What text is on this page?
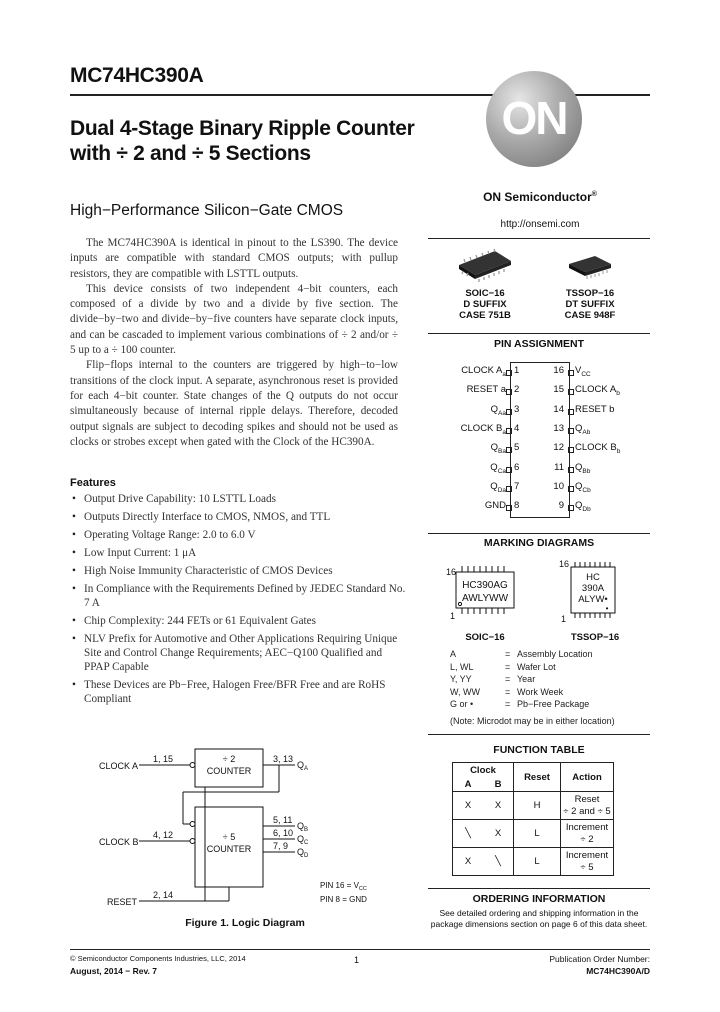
MC74HC390A
Dual 4-Stage Binary Ripple Counter with ÷ 2 and ÷ 5 Sections
High−Performance Silicon−Gate CMOS

The MC74HC390A is identical in pinout to the LS390. The device inputs are compatible with standard CMOS outputs; with pullup resistors, they are compatible with LSTTL outputs.

This device consists of two independent 4−bit counters, each composed of a divide by two and a divide by five section. The divide−by−two and divide−by−five counters have separate clock inputs, and can be cascaded to implement various combinations of ÷ 2 and/or ÷ 5 up to a ÷ 100 counter.

Flip−flops internal to the counters are triggered by high−to−low transitions of the clock input. A separate, asynchronous reset is provided for each 4−bit counter. State changes of the Q outputs do not occur simultaneously because of internal ripple delays. Therefore, decoded output signals are subject to decoding spikes and should not be used as clocks or strobes except when gated with the Clock of the HC390A.

Features
• Output Drive Capability: 10 LSTTL Loads
• Outputs Directly Interface to CMOS, NMOS, and TTL
• Operating Voltage Range: 2.0 to 6.0 V
• Low Input Current: 1 μA
• High Noise Immunity Characteristic of CMOS Devices
• In Compliance with the Requirements Defined by JEDEC Standard No. 7 A
• Chip Complexity: 244 FETs or 61 Equivalent Gates
• NLV Prefix for Automotive and Other Applications Requiring Unique Site and Control Change Requirements; AEC−Q100 Qualified and PPAP Capable
• These Devices are Pb−Free, Halogen Free/BFR Free and are RoHS Compliant
÷ 2
COUNTER
÷ 5
COUNTER
CLOCK A
1, 15
CLOCK B
4, 12
RESET
2, 14
3, 13
$Q_A$
5, 11
$Q_B$
6, 10
$Q_C$
7, 9
$Q_D$
PIN $16 = V_{CC}$
PIN 8 = GND
Figure 1. Logic Diagram
ON
ON Semiconductor®
http://onsemi.com
SOIC−16
D SUFFIX
CASE 751B
TSSOP−16
DT SUFFIX
CASE 948F
PIN ASSIGNMENT
CLOCK $A_a$ 1
RESET a 2
$Q_{Aa}$ 3
CLOCK $B_a$ 4
$Q_{Ba}$ 5
$Q_{Ca}$ 6
$Q_{Da}$ 7
GND 8
16 $V_{CC}$
15 CLOCK $A_b$
14 RESET b
13 $Q_{Ab}$
12 CLOCK $B_b$
11 $Q_{Bb}$
10 $Q_{Cb}$
9 $Q_{Db}$
MARKING DIAGRAMS
16
1
HC390AG
AWLYWW
16
1
HC
390A
ALYW•
•
SOIC−16	TSSOP−16
A	= Assembly Location
L, WL	= Wafer Lot
Y, YY	= Year
W, WW	= Work Week
G or •	= Pb−Free Package
(Note: Microdot may be in either location)
FUNCTION TABLE
Clock		Reset	Action
A	B		
X	X	H	Reset
÷ 2 and ÷ 5

╲	X	L	Increment
÷ 2

X	╲	L	Increment
÷ 5
ORDERING INFORMATION
See detailed ordering and shipping information in the package dimensions section on page 6 of this data sheet.
© Semiconductor Components Industries, LLC, 2014
August, 2014 − Rev. 7
1	Publication Order Number:
MC74HC390A/D
